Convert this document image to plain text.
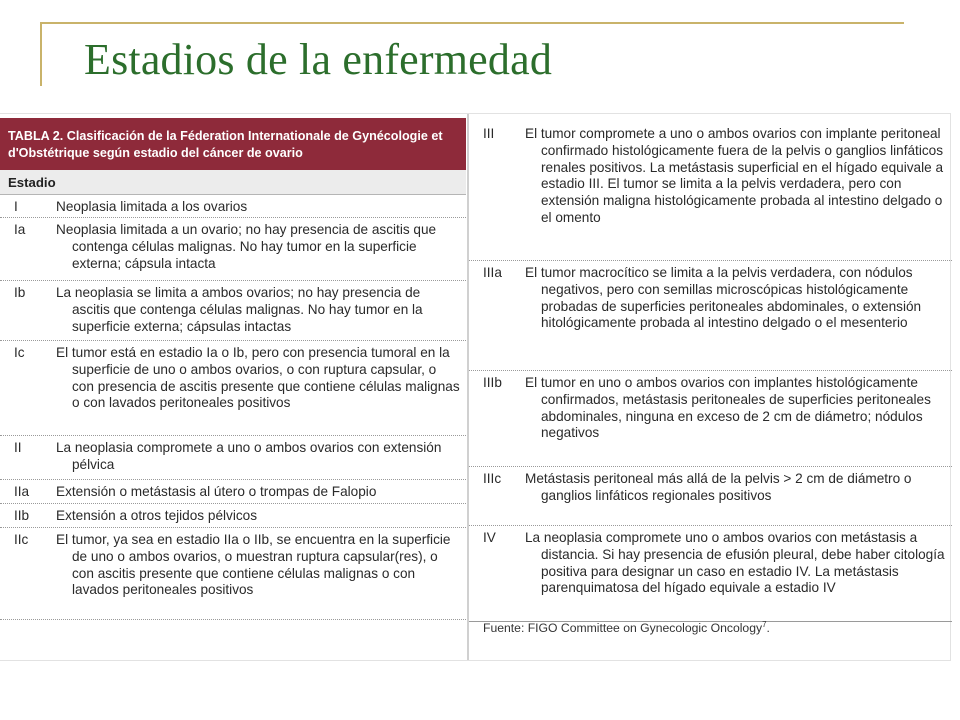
Estadios de la enfermedad
TABLA 2. Clasificación de la Féderation Internationale de Gynécologie et d'Obstétrique según estadio del cáncer de ovario
Estadio
I	Neoplasia limitada a los ovarios
Ia	Neoplasia limitada a un ovario; no hay presencia de ascitis que contenga células malignas. No hay tumor en la superficie externa; cápsula intacta
Ib	La neoplasia se limita a ambos ovarios; no hay presencia de ascitis que contenga células malignas. No hay tumor en la superficie externa; cápsulas intactas
Ic	El tumor está en estadio Ia o Ib, pero con presencia tumoral en la superficie de uno o ambos ovarios, o con ruptura capsular, o con presencia de ascitis presente que contiene células malignas o con lavados peritoneales positivos
II	La neoplasia compromete a uno o ambos ovarios con extensión pélvica
IIa	Extensión o metástasis al útero o trompas de Falopio
IIb	Extensión a otros tejidos pélvicos
IIc	El tumor, ya sea en estadio IIa o IIb, se encuentra en la superficie de uno o ambos ovarios, o muestran ruptura capsular(res), o con ascitis presente que contiene células malignas o con lavados peritoneales positivos
III	El tumor compromete a uno o ambos ovarios con implante peritoneal confirmado histológicamente fuera de la pelvis o ganglios linfáticos renales positivos. La metástasis superficial en el hígado equivale a estadio III. El tumor se limita a la pelvis verdadera, pero con extensión maligna histológicamente probada al intestino delgado o el omento
IIIa	El tumor macrocítico se limita a la pelvis verdadera, con nódulos negativos, pero con semillas microscópicas histológicamente probadas de superficies peritoneales abdominales, o extensión hitológicamente probada al intestino delgado o el mesenterio
IIIb	El tumor en uno o ambos ovarios con implantes histológicamente confirmados, metástasis peritoneales de superficies peritoneales abdominales, ninguna en exceso de 2 cm de diámetro; nódulos negativos
IIIc	Metástasis peritoneal más allá de la pelvis > 2 cm de diámetro o ganglios linfáticos regionales positivos
IV	La neoplasia compromete uno o ambos ovarios con metástasis a distancia. Si hay presencia de efusión pleural, debe haber citología positiva para designar un caso en estadio IV. La metástasis parenquimatosa del hígado equivale a estadio IV
Fuente: FIGO Committee on Gynecologic Oncology$^7$.
